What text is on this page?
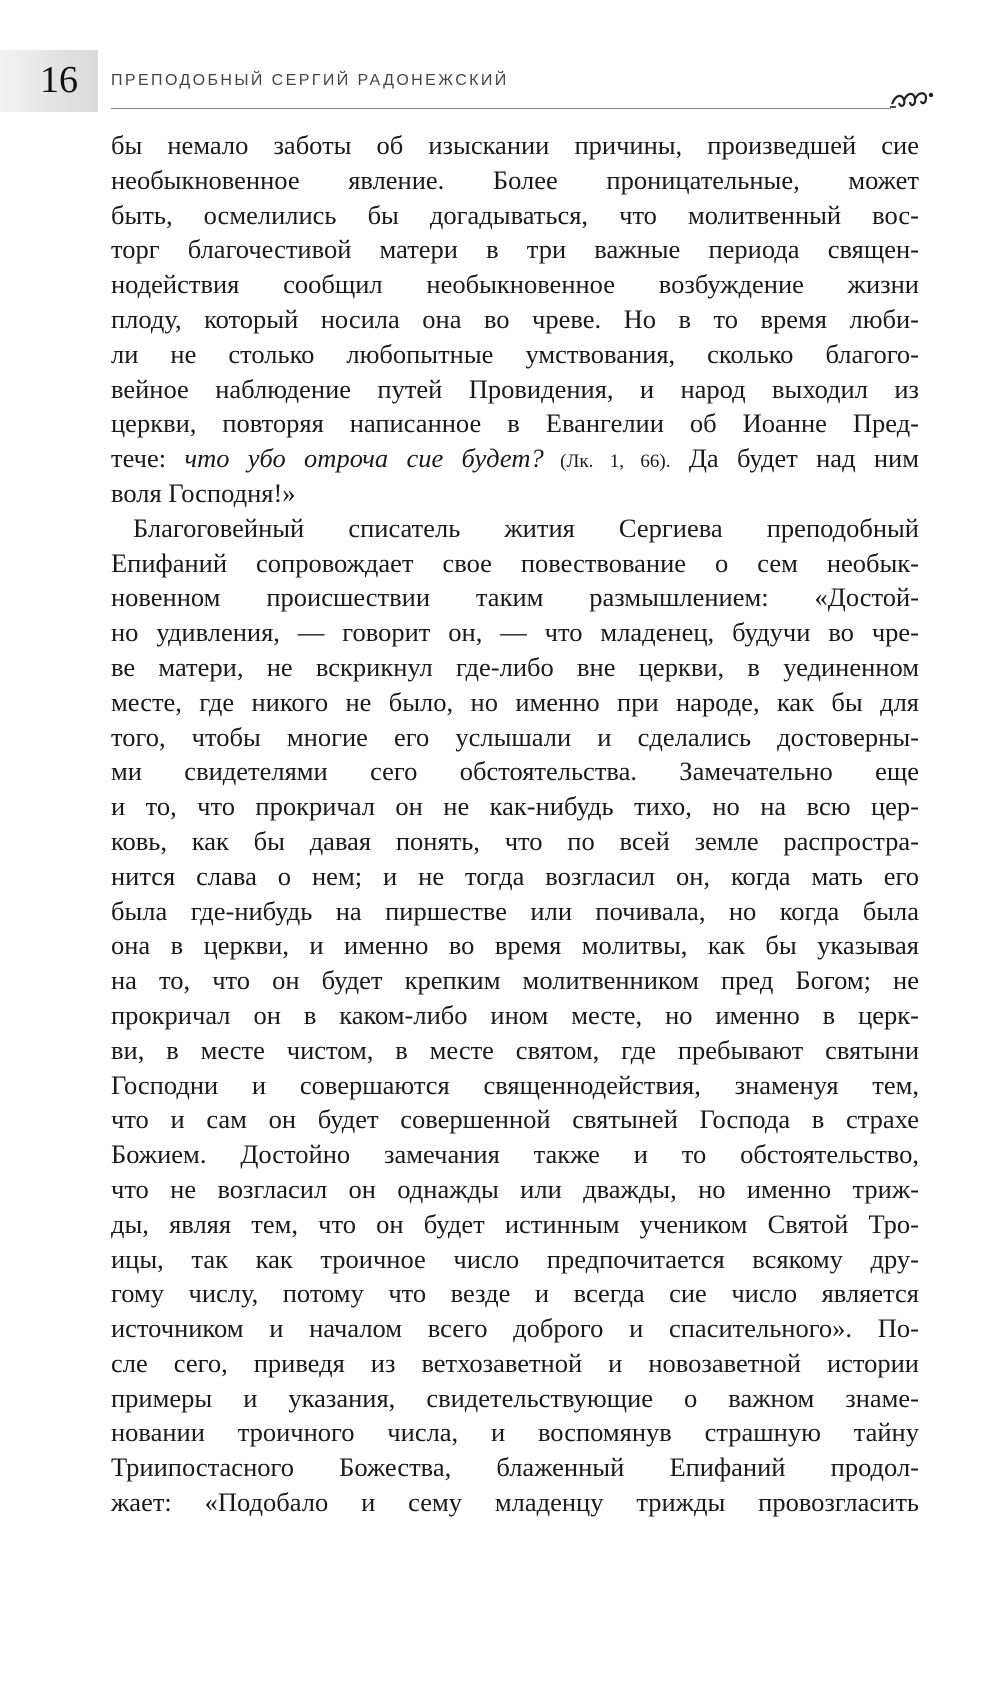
16 ПРЕПОДОБНЫЙ СЕРГИЙ РАДОНЕЖСКИЙ
бы немало заботы об изыскании причины, произведшей сие
необыкновенное явление. Более проницательные, может
быть, осмелились бы догадываться, что молитвенный вос-
торг благочестивой матери в три важные периода священ-
нодействия сообщил необыкновенное возбуждение жизни
плоду, который носила она во чреве. Но в то время люби-
ли не столько любопытные умствования, сколько благого-
вейное наблюдение путей Провидения, и народ выходил из
церкви, повторяя написанное в Евангелии об Иоанне Пред-
тече: что убо отроча сие будет? (Лк. 1, 66). Да будет над ним
воля Господня!»
Благоговейный списатель жития Сергиева преподобный
Епифаний сопровождает свое повествование о сем необык-
новенном происшествии таким размышлением: «Достой-
но удивления, — говорит он, — что младенец, будучи во чре-
ве матери, не вскрикнул где-либо вне церкви, в уединенном
месте, где никого не было, но именно при народе, как бы для
того, чтобы многие его услышали и сделались достоверны-
ми свидетелями сего обстоятельства. Замечательно еще
и то, что прокричал он не как-нибудь тихо, но на всю цер-
ковь, как бы давая понять, что по всей земле распростра-
нится слава о нем; и не тогда возгласил он, когда мать его
была где-нибудь на пиршестве или почивала, но когда была
она в церкви, и именно во время молитвы, как бы указывая
на то, что он будет крепким молитвенником пред Богом; не
прокричал он в каком-либо ином месте, но именно в церк-
ви, в месте чистом, в месте святом, где пребывают святыни
Господни и совершаются священнодействия, знаменуя тем,
что и сам он будет совершенной святыней Господа в страхе
Божием. Достойно замечания также и то обстоятельство,
что не возгласил он однажды или дважды, но именно триж-
ды, являя тем, что он будет истинным учеником Святой Тро-
ицы, так как троичное число предпочитается всякому дру-
гому числу, потому что везде и всегда сие число является
источником и началом всего доброго и спасительного». По-
сле сего, приведя из ветхозаветной и новозаветной истории
примеры и указания, свидетельствующие о важном знаме-
новании троичного числа, и воспомянув страшную тайну
Триипостасного Божества, блаженный Епифаний продол-
жает: «Подобало и сему младенцу трижды провозгласить
